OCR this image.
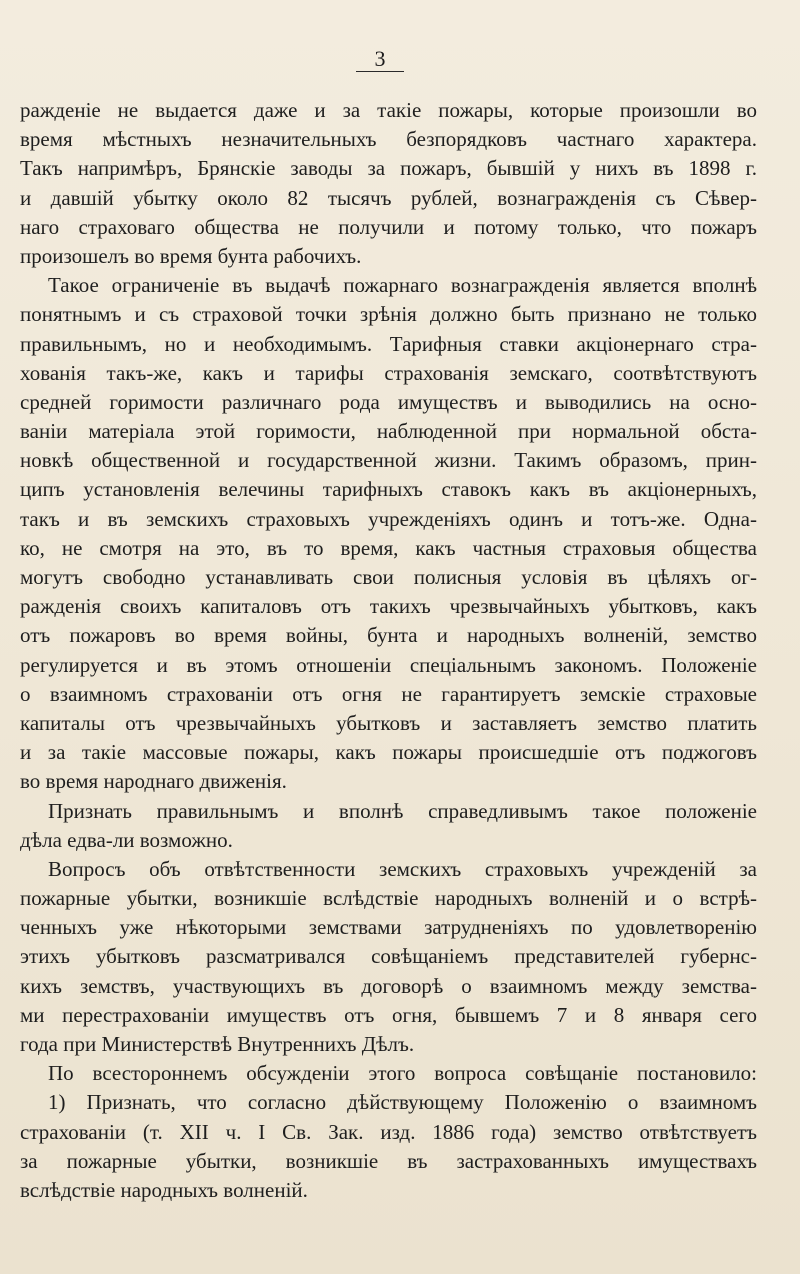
3
ражденіе не выдается даже и за такіе пожары, которые произошли во
время мѣстныхъ незначительныхъ безпорядковъ частнаго характера.
Такъ напримѣръ, Брянскіе заводы за пожаръ, бывшій у нихъ въ 1898 г.
и давшій убытку около 82 тысячъ рублей, вознагражденія съ Сѣвер-
наго страховаго общества не получили и потому только, что пожаръ
произошелъ во время бунта рабочихъ.
Такое ограниченіе въ выдачѣ пожарнаго вознагражденія является вполнѣ
понятнымъ и съ страховой точки зрѣнія должно быть признано не только
правильнымъ, но и необходимымъ. Тарифныя ставки акціонернаго стра-
хованія такъ-же, какъ и тарифы страхованія земскаго, соотвѣтствуютъ
средней горимости различнаго рода имуществъ и выводились на осно-
ваніи матеріала этой горимости, наблюденной при нормальной обста-
новкѣ общественной и государственной жизни. Такимъ образомъ, прин-
ципъ установленія велечины тарифныхъ ставокъ какъ въ акціонерныхъ,
такъ и въ земскихъ страховыхъ учрежденіяхъ одинъ и тотъ-же. Одна-
ко, не смотря на это, въ то время, какъ частныя страховыя общества
могутъ свободно устанавливать свои полисныя условія въ цѣляхъ ог-
ражденія своихъ капиталовъ отъ такихъ чрезвычайныхъ убытковъ, какъ
отъ пожаровъ во время войны, бунта и народныхъ волненій, земство
регулируется и въ этомъ отношеніи спеціальнымъ закономъ. Положеніе
о взаимномъ страхованіи отъ огня не гарантируетъ земскіе страховые
капиталы отъ чрезвычайныхъ убытковъ и заставляетъ земство платить
и за такіе массовые пожары, какъ пожары происшедшіе отъ поджоговъ
во время народнаго движенія.
Признать правильнымъ и вполнѣ справедливымъ такое положеніе
дѣла едва-ли возможно.
Вопросъ объ отвѣтственности земскихъ страховыхъ учрежденій за
пожарные убытки, возникшіе вслѣдствіе народныхъ волненій и о встрѣ-
ченныхъ уже нѣкоторыми земствами затрудненіяхъ по удовлетворенію
этихъ убытковъ разсматривался совѣщаніемъ представителей губернс-
кихъ земствъ, участвующихъ въ договорѣ о взаимномъ между земства-
ми перестрахованіи имуществъ отъ огня, бывшемъ 7 и 8 января сего
года при Министерствѣ Внутреннихъ Дѣлъ.
По всестороннемъ обсужденіи этого вопроса совѣщаніе постановило:
1) Признать, что согласно дѣйствующему Положенію о взаимномъ
страхованіи (т. XII ч. I Св. Зак. изд. 1886 года) земство отвѣтствуетъ
за пожарные убытки, возникшіе въ застрахованныхъ имуществахъ
вслѣдствіе народныхъ волненій.
